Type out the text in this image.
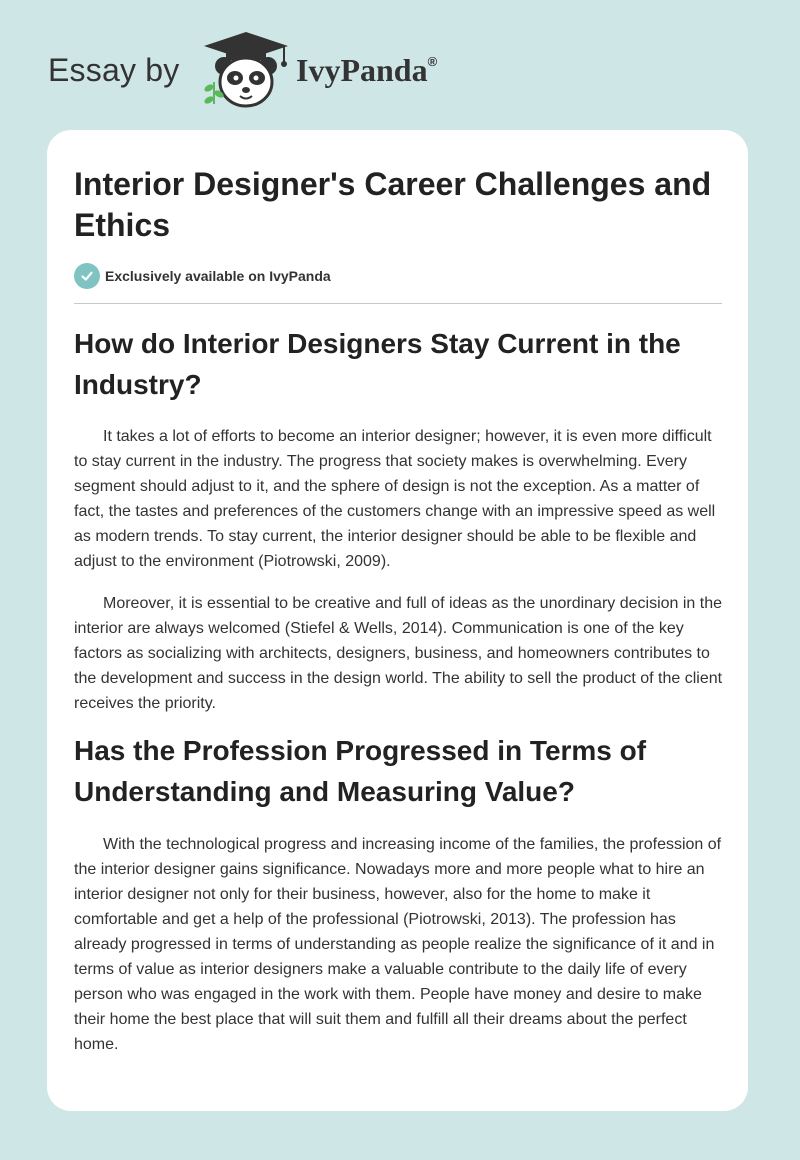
Essay by	IvyPanda®
Interior Designer's Career Challenges and Ethics
Exclusively available on IvyPanda
How do Interior Designers Stay Current in the Industry?

It takes a lot of efforts to become an interior designer; however, it is even more difficult to stay current in the industry. The progress that society makes is overwhelming. Every segment should adjust to it, and the sphere of design is not the exception. As a matter of fact, the tastes and preferences of the customers change with an impressive speed as well as modern trends. To stay current, the interior designer should be able to be flexible and adjust to the environment (Piotrowski, 2009).

Moreover, it is essential to be creative and full of ideas as the unordinary decision in the interior are always welcomed (Stiefel & Wells, 2014). Communication is one of the key factors as socializing with architects, designers, business, and homeowners contributes to the development and success in the design world. The ability to sell the product of the client receives the priority.

Has the Profession Progressed in Terms of Understanding and Measuring Value?

With the technological progress and increasing income of the families, the profession of the interior designer gains significance. Nowadays more and more people what to hire an interior designer not only for their business, however, also for the home to make it comfortable and get a help of the professional (Piotrowski, 2013). The profession has already progressed in terms of understanding as people realize the significance of it and in terms of value as interior designers make a valuable contribute to the daily life of every person who was engaged in the work with them. People have money and desire to make their home the best place that will suit them and fulfill all their dreams about the perfect home.
